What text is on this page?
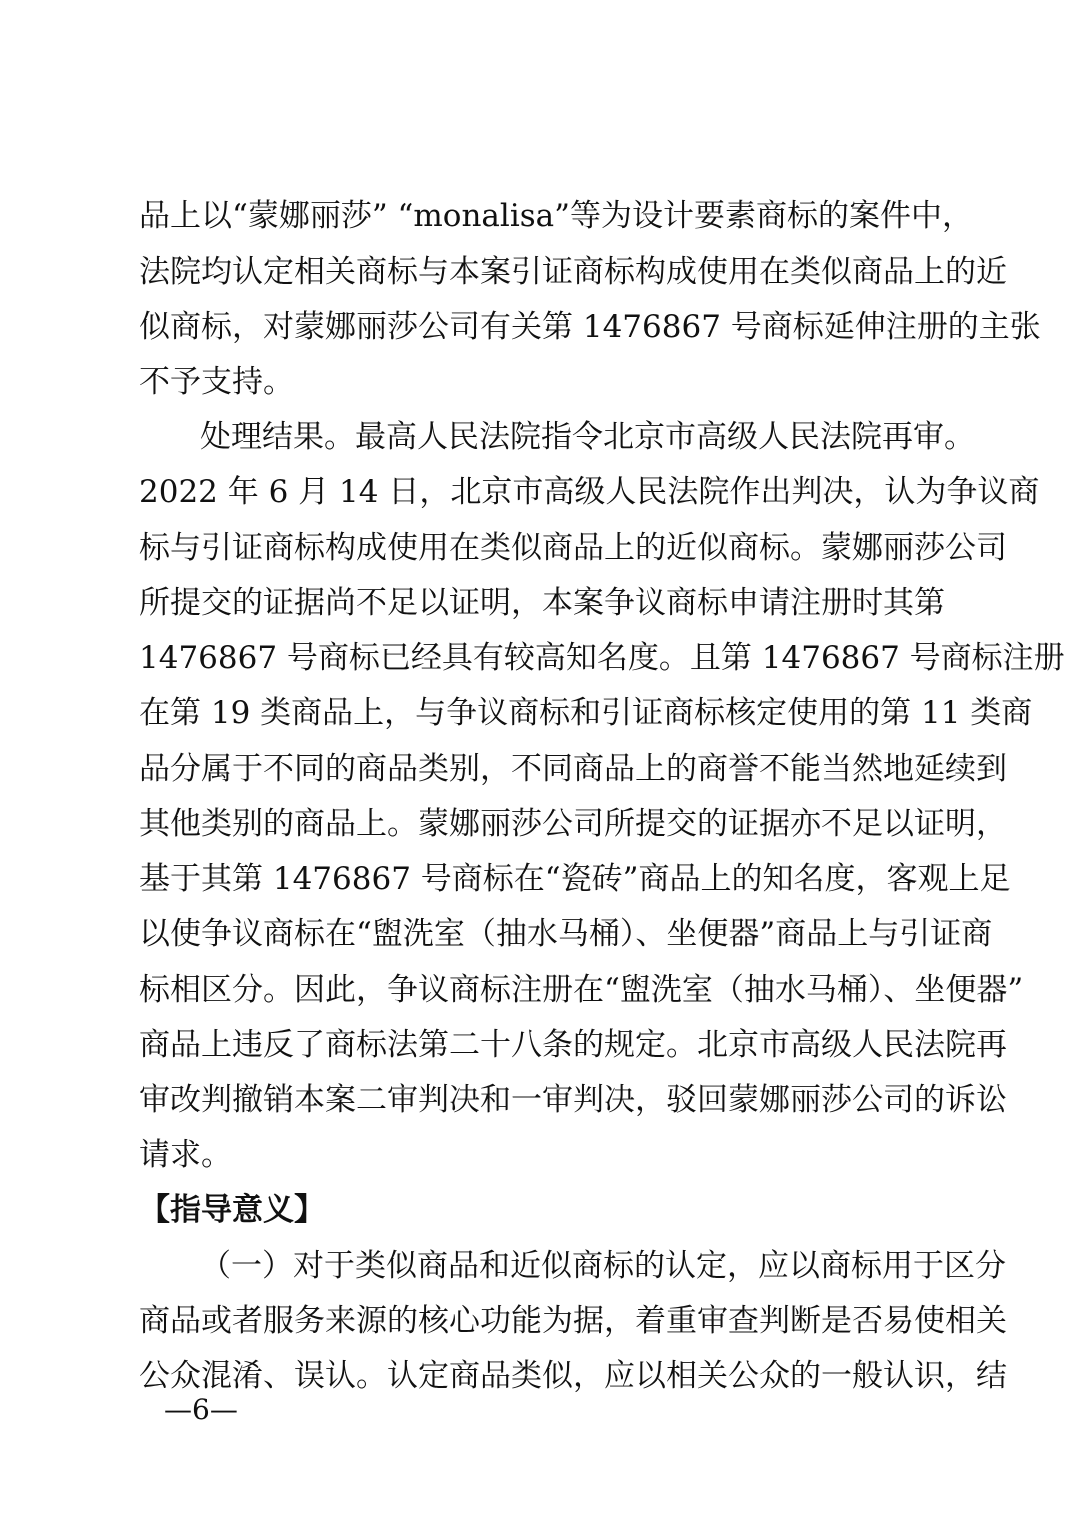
品上以“蒙娜丽莎” “monalisa”等为设计要素商标的案件中，
法院均认定相关商标与本案引证商标构成使用在类似商品上的近
似商标，对蒙娜丽莎公司有关第 1476867 号商标延伸注册的主张
不予支持。
处理结果。最高人民法院指令北京市高级人民法院再审。
2022 年 6 月 14 日，北京市高级人民法院作出判决，认为争议商
标与引证商标构成使用在类似商品上的近似商标。蒙娜丽莎公司
所提交的证据尚不足以证明，本案争议商标申请注册时其第
1476867 号商标已经具有较高知名度。且第 1476867 号商标注册
在第 19 类商品上，与争议商标和引证商标核定使用的第 11 类商
品分属于不同的商品类别，不同商品上的商誉不能当然地延续到
其他类别的商品上。蒙娜丽莎公司所提交的证据亦不足以证明，
基于其第 1476867 号商标在“瓷砖”商品上的知名度，客观上足
以使争议商标在“盥洗室（抽水马桶）、坐便器”商品上与引证商
标相区分。因此，争议商标注册在“盥洗室（抽水马桶）、坐便器”
商品上违反了商标法第二十八条的规定。北京市高级人民法院再
审改判撤销本案二审判决和一审判决，驳回蒙娜丽莎公司的诉讼
请求。
【指导意义】
（一）对于类似商品和近似商标的认定，应以商标用于区分
商品或者服务来源的核心功能为据，着重审查判断是否易使相关
公众混淆、误认。认定商品类似，应以相关公众的一般认识，结
—6—
